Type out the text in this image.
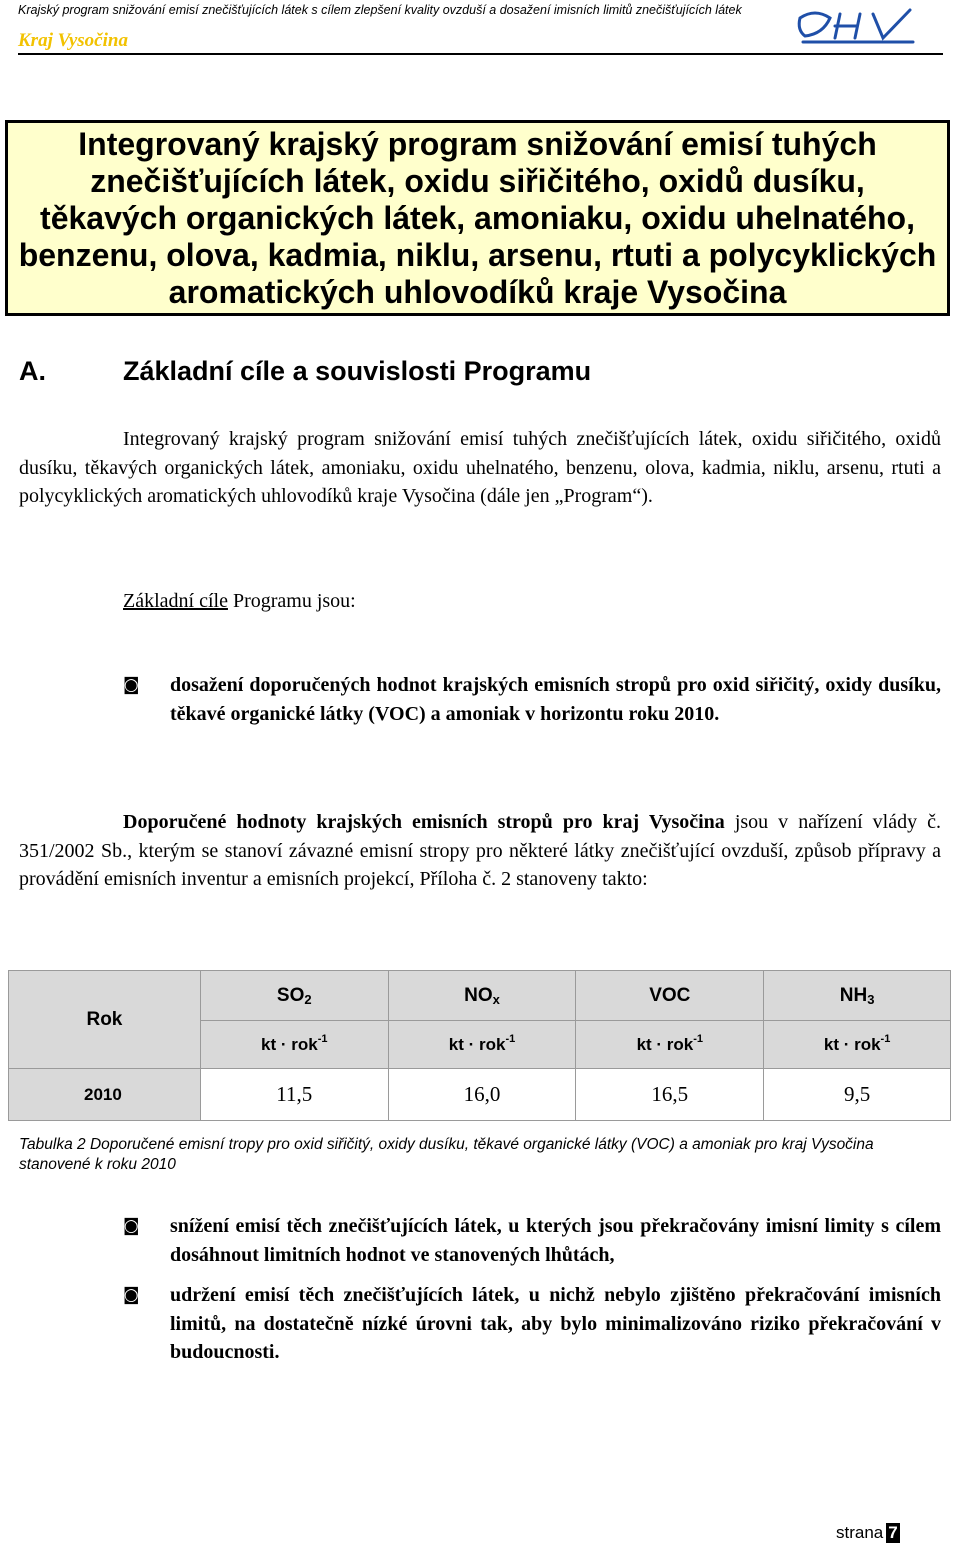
Krajský program snižování emisí znečišťujících látek s cílem zlepšení kvality ovzduší a dosažení imisních limitů znečišťujících látek
Kraj Vysočina
Integrovaný krajský program snižování emisí tuhých znečišťujících látek, oxidu siřičitého, oxidů dusíku,
těkavých organických látek, amoniaku, oxidu uhelnatého, benzenu, olova, kadmia, niklu, arsenu, rtuti a polycyklických aromatických uhlovodíků kraje Vysočina
A.	Základní cíle a souvislosti Programu
Integrovaný krajský program snižování emisí tuhých znečišťujících látek, oxidu siřičitého, oxidů dusíku, těkavých organických látek, amoniaku, oxidu uhelnatého, benzenu, olova, kadmia, niklu, arsenu, rtuti a polycyklických aromatických uhlovodíků kraje Vysočina (dále jen „Program“).
Základní cíle Programu jsou:
◙ dosažení doporučených hodnot krajských emisních stropů pro oxid siřičitý, oxidy dusíku, těkavé organické látky (VOC) a amoniak v horizontu roku 2010.
Doporučené hodnoty krajských emisních stropů pro kraj Vysočina jsou v nařízení vlády č. 351/2002 Sb., kterým se stanoví závazné emisní stropy pro některé látky znečišťující ovzduší, způsob přípravy a provádění emisních inventur a emisních projekcí, Příloha č. 2 stanoveny takto:
Rok	$SO_2$	$NO_x$	VOC	$NH_3$
	kt · rok$^{-1}$	kt · rok$^{-1}$	kt · rok$^{-1}$	kt · rok$^{-1}$
2010	11,5	16,0	16,5	9,5
Tabulka 2 Doporučené emisní tropy pro oxid siřičitý, oxidy dusíku, těkavé organické látky (VOC) a amoniak pro kraj Vysočina stanovené k roku 2010
◙ snížení emisí těch znečišťujících látek, u kterých jsou překračovány imisní limity s cílem dosáhnout limitních hodnot ve stanovených lhůtách,
◙ udržení emisí těch znečišťujících látek, u nichž nebylo zjištěno překračování imisních limitů, na dostatečně nízké úrovni tak, aby bylo minimalizováno riziko překračování v budoucnosti.
strana 7
